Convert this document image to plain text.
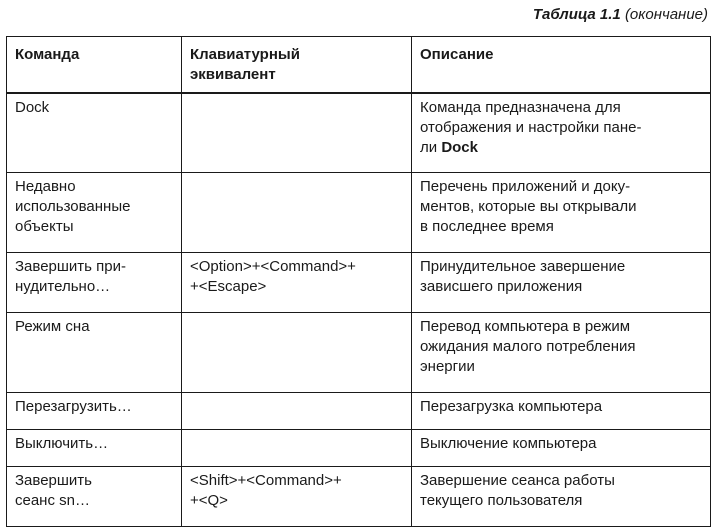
Таблица 1.1 (окончание)
Команда	Клавиатурный
эквивалент	Описание

Dock		Команда предназначена для
отображения и настройки пане-
ли Dock

Недавно
использованные
объекты		Перечень приложений и доку-
ментов, которые вы открывали
в последнее время

Завершить при-
нудительно…	<Option>+<Command>+
+<Escape>	Принудительное завершение
зависшего приложения

Режим сна		Перевод компьютера в режим
ожидания малого потребления
энергии

Перезагрузить…		Перезагрузка компьютера

Выключить…		Выключение компьютера

Завершить
сеанс sn…	<Shift>+<Command>+
+<Q>	Завершение сеанса работы
текущего пользователя
